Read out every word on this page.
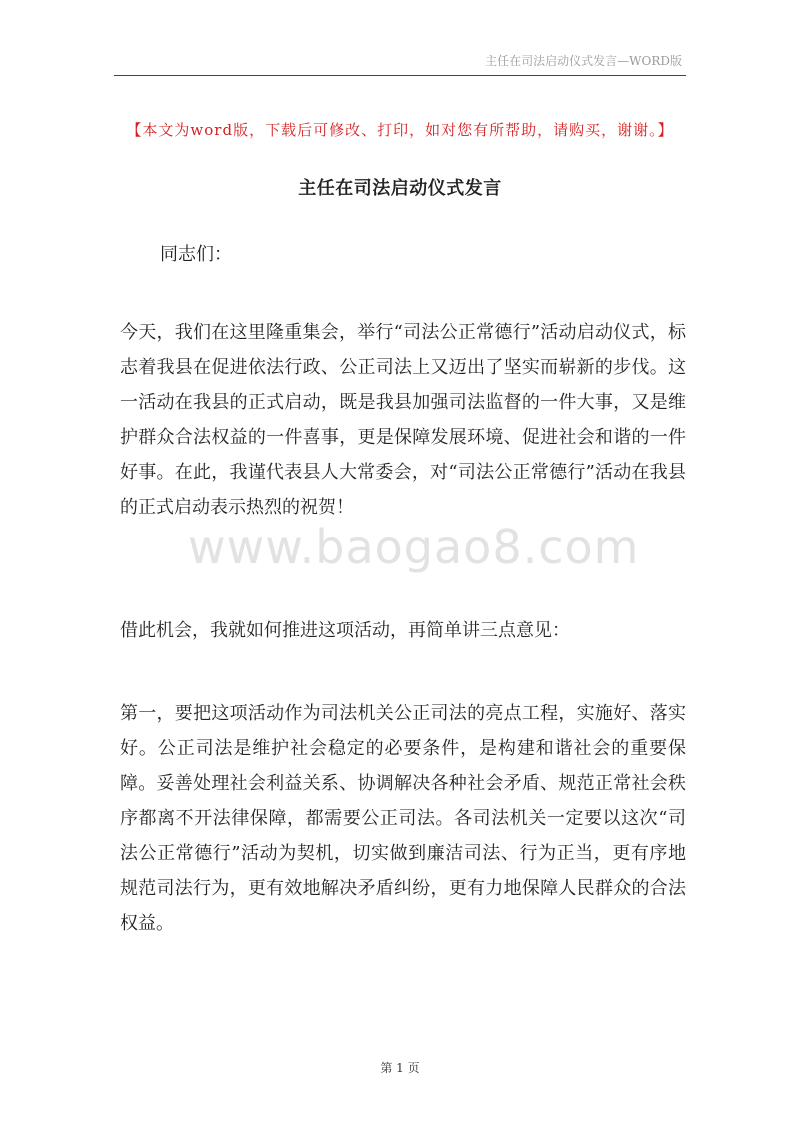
主任在司法启动仪式发言—WORD版
【本文为word版，下载后可修改、打印，如对您有所帮助，请购买，谢谢。】
主任在司法启动仪式发言
同志们：

今天，我们在这里隆重集会，举行“司法公正常德行”活动启动仪式，标志着我县在促进依法行政、公正司法上又迈出了坚实而崭新的步伐。这一活动在我县的正式启动，既是我县加强司法监督的一件大事，又是维护群众合法权益的一件喜事，更是保障发展环境、促进社会和谐的一件好事。在此，我谨代表县人大常委会，对“司法公正常德行”活动在我县的正式启动表示热烈的祝贺！

借此机会，我就如何推进这项活动，再简单讲三点意见：

第一，要把这项活动作为司法机关公正司法的亮点工程，实施好、落实好。公正司法是维护社会稳定的必要条件，是构建和谐社会的重要保障。妥善处理社会利益关系、协调解决各种社会矛盾、规范正常社会秩序都离不开法律保障，都需要公正司法。各司法机关一定要以这次“司法公正常德行”活动为契机，切实做到廉洁司法、行为正当，更有序地规范司法行为，更有效地解决矛盾纠纷，更有力地保障人民群众的合法权益。

www.baogao8.com
第 1 页
